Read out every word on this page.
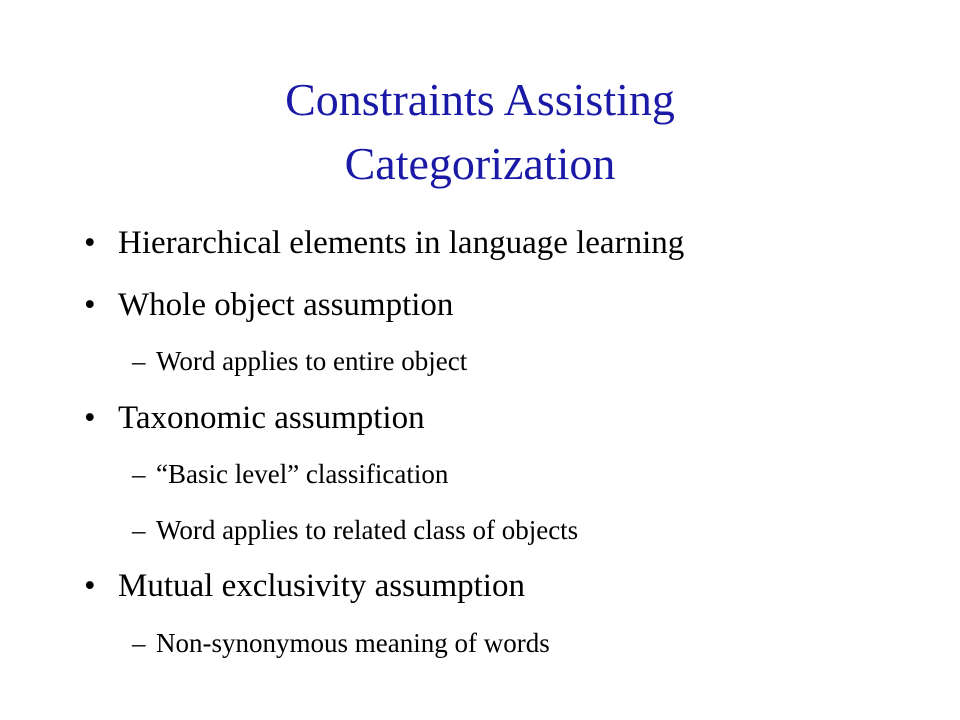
Constraints Assisting
Categorization
• Hierarchical elements in language learning
• Whole object assumption
– Word applies to entire object
• Taxonomic assumption
– “Basic level” classification
– Word applies to related class of objects
• Mutual exclusivity assumption
– Non-synonymous meaning of words
